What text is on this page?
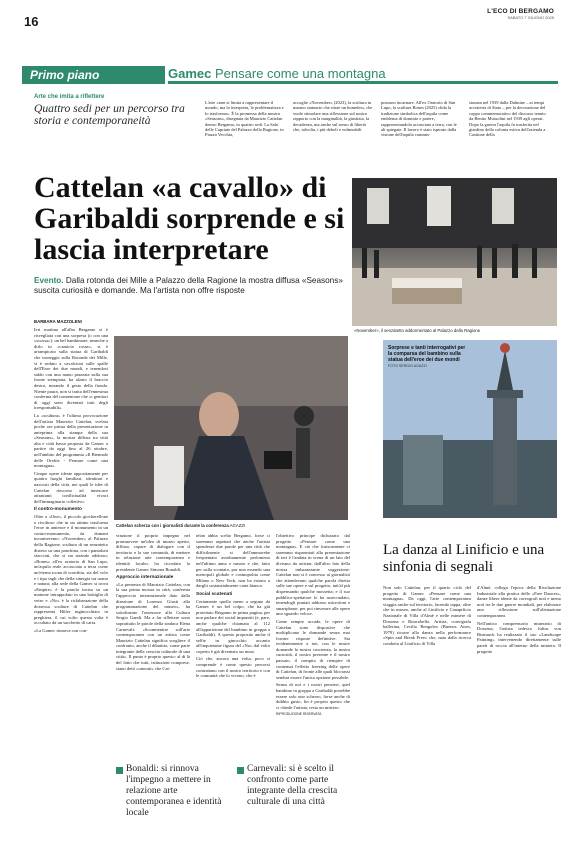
16
L'ECO DI BERGAMO
SABATO 7 GIUGNO 2025
Primo piano	Gamec Pensare come una montagna
Arte che imita a riflettere
Quattro sedi per un percorso tra storia e contemporaneità
L'arte «non si limita a rappresentare il mondo, ma lo interpreta, lo problematizza e lo trasforma». È la promessa della mostra «Seasons», disegnata da Maurizio Cattelan dentro Bergamo, in quattro sedi. La Sala delle Capriate del Palazzo della Ragione, in Piazza Vecchia,
accoglie «November» (2023), la scultura in marmo statuario che ritrae un homeless, che vuole stimolare una riflessione sul nostro rapporto con la marginalità, la giustizia, la decadenza, ma anche sul senso di libertà che, talvolta, i più deboli e vulnerabili
possono incarnare. All'ex Oratorio di San Lupo, la scultura Bones (2025) sfida la tradizione simbolica dell'aquila come emblema di dominio e potere, rappresentandola accasciata a terra, con le ali spiegate. Il lavoro è stato ispirato dalla visione dell'aquila commis-
sionata nel 1939 dalla Dalmine – ai tempi acciaieria di Stato – per la decorazione del coppo commemorativo del discorso tenuto da Benito Mussolini nel 1939 agli operai. Dopo la guerra l'aquila fu trasferita nel giardino della colonia estiva dell'azienda a Castione della
Cattelan «a cavallo» di Garibaldi sorprende e si lascia interpretare
Evento. Dalla rotonda dei Mille a Palazzo della Ragione la mostra diffusa «Seasons» suscita curiosità e domande. Ma l'artista non offre risposte
«November», il senzatetto addormentato al Palazzo della Ragione
BARBARA MAZZOLENI

Ieri mattina all'alba Bergamo si è risvegliata con una sorpresa (o con una «scossa»): un bel bambinone, neanche a dirlo in «camicia rossa», si è arrampicato sulla statua di Garibaldi che troneggia sulla Rotonda dei Mille, si è seduto a cavalcioni sulle spalle dell'Eroe dei due mondi, e tenendosi saldo con una mano piazzata sulla sua fronte stempiata, ha alzato il braccio destro, mirando il gesto della fionda. Niente paura, non si tratta dell'ennesima conferma del tormentone che «i genitori di oggi sono diventati tutti degli irresponsabili».

La «scultura» è l'ultima provocazione dell'artista Maurizio Cattelan, svelata poche ore prima della presentazione in anteprima alla stampa della sua «Seasons», la mostra diffusa tra città alta e città bassa proposta da Gamec a partire da oggi fino al 26 ottobre, nell'ambito del programma «Il Biennale delle Orobie - Pensare come una montagna».

Cinque opere ideate appositamente per quattro luoghi familiari, identitari e nascosti della città, nei quali le idee di Cattelan riescono ad innescare attrattanti conflictualità vivaci dell'immaginario collettivo.

Il contro-monumento

Oltre a «One», il piccolo giocherellone o rivoltoso che in un attimo trasforma l'eroe in antieroe e il monumento in un contro-monumento, da domani incontreremo: «November» al Palazzo della Ragione, scultura di un senzatetto disteso su una panchina, con i pantaloni sfacciati, che si sta atrando addosso; «Bones» all'ex oratorio di San Lupo, un'aquila reale accasciata a terra come un'eterna icona di sconfitta, sia del volo e i tipo tagli che della sinergia tra uomo e natura; alla sede della Gamec si trova «Empire» è la parola incisa su un mattone intrappolato in una bottiglia di vetro e «No» è la riclabarazione della dossessa sculture di Cattelan che rappresenta Hitler inginocchiato in preghiera, il cui volto questa volta è occultato da un sacchetto di carta.

«La Gamec rinnova con con-

Cattelan scherza con i giornalisti durante la conferenza AGAZZI
Sorprese e tanti interrogativi per la comparsa del bambino sulla statua dell'eroe dei due mondi
FOTO SERGIO AGAZZI

vinzione il proprio impegno nel promuovere un'idea di museo aperto, diffuso, capace di dialogare con il territorio e la sue comunità, di mettere in relazione arte contemporanea e identità locale» ha ricordato la presidente Gamec Simona Bonaldi.

Approccio internazionale

«La presenza di Maurizio Cattelan, con la sua prima mostra in città, conferma l'approccio internazionale dato dalla direzione di Lorenzo Giusti alla programmazione del museo», ha sottolineato l'assessore alla Cultura Sergio Gandi. Ma a far riflettere sono soprattutto le parole della sindaca Elena Carnevali: «Sconmentire sull'arte contemporanea con un artista come Maurizio Cattelan significa scegliere il confronto, anche il dibattito, come parte integrante della crescita culturale di una città». Il punto è proprio questo: al di là del fatto che tutti, istituzioni comprese, siano detti «onorati» che Cat-

telan abbia scelto Bergamo, forse ci saremmo aspettati che anche l'artista spendesse due parole per una città che difficilmente si dell'ammorebe frequentato assiduamente perlomeno nell'ultimo anno e mezzo e che, fatto per sulla scontato, par non essendo una metropoli globale e cosmopolita come Milano o New York, non ha estrato a darglii sostanzialmente carta bianca.

Social scatenati

Certamente quello meno a seguno da Gamec è un bel colpo, che ha già proiettato Bergamo in prima pagina, per non parlare dei social impazziti (e, pare, anche qualche chiamata al 112 all'apparizione del bambino in groppa a Garibaldi). A questo proposito anche il selfie in ginocchio accanto all'inquietante figura del «No» dal volto coperto è già diventato un must.

Ciò che, ancora una volta, poco si comprende è come questo percorsi contrattano con il nostro territorio e con le comunità che lo vivono, che è

l'obiettivo principe dichiarato dal progetto «Pensare come una montagna». E ciò che fruiscamente ci saremmo risparmiati alla presentazione di ieri è l'andata in scena di un lato del divismo da artistar, dall'altro lato della nostra imbarazzante soggezione: Cattelan non si è concesso ai giornalisti che attendevano qualche parola diretta sulle sue opere e sul progetto, tutt'al più dispensando qualche mossetta; e il suo pubblico-spettatore lo ha assecondato, tenendogli puntati addosso microfoni e smartphone, per poi rinverare alle opere uno sguardo veloce.

Come sempre accade, le opere di Cattelan sono dispostive che moltiplicano le domande senza mai fornire risposte definitive. Sta evidentemente a noi, con le nostre domande la nostra coscienza, la nostra curiosità, il nostro presente e il nostro passato, il compito di riempire di contenuti l'effetto freezing delle opere di Cattelan, di fronte alle quali blocrassi sembra essere l'unica opzione possibile.

Senza di noi e i nostri pensieri, quel bambino in groppa a Garibaldi potrebbe essere solo uno scherzo, forse anche di dubbio gusto, fin è proprio questo che ci chiede l'artista, resta un mistero.

RIPRODUZIONE RISERVATA
Bonaldi: si rinnova l'impegno a mettere in relazione arte contemporanea e identità locale
Carnevali: si è scelto il confronto come parte integrante della crescita culturale di una città
La danza al Linificio e una sinfonia di segnali
Non solo Cattelan, per il quarto ciclo del progetto di Gamec «Pensare come una montagna». Da oggi, l'arte contemporanea viaggia anche sul territorio, facendo tappa, oltre che in museo, anche al Linificio e Canapificio Nazionale di Villa d'Almè e nelle miniere di Dossena e Roncobello. Artista, coreografa ballerina, Cecilia Bengolea (Buenos Aires, 1979) ricorre alla danza nella performance «Spin and Break Free» che, nata dalla ricerca condotta al Linificio di Villa

d'Almè, collega l'epoca della Rivoluzione Industriale alla pratica delle «Free Dances», danze libere ideate da coreografi noti e meno noti tra le due guerre mondiali, per elaborare una riflessione sull'alienazione contemporanea.

Nell'antico comprensorio minerario di Dossena, l'artista tedesco Julius von Bismarck ha realizzato il suo «Landscape Painting» intervenendo direttamente sulle pareti di roccia all'interno della miniera. Il progetto
